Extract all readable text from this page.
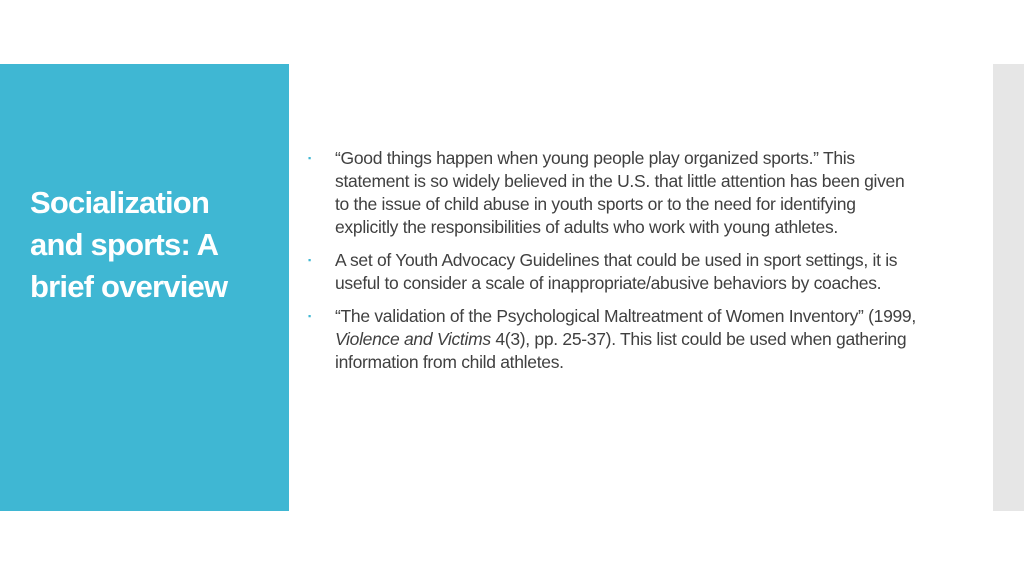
Socialization
and sports: A
brief overview
▪ “Good things happen when young people play organized sports.” This statement is so widely believed in the U.S. that little attention has been given to the issue of child abuse in youth sports or to the need for identifying explicitly the responsibilities of adults who work with young athletes.
▪ A set of Youth Advocacy Guidelines that could be used in sport settings, it is useful to consider a scale of inappropriate/abusive behaviors by coaches.
▪ “The validation of the Psychological Maltreatment of Women Inventory” (1999, Violence and Victims 4(3), pp. 25-37). This list could be used when gathering information from child athletes.
